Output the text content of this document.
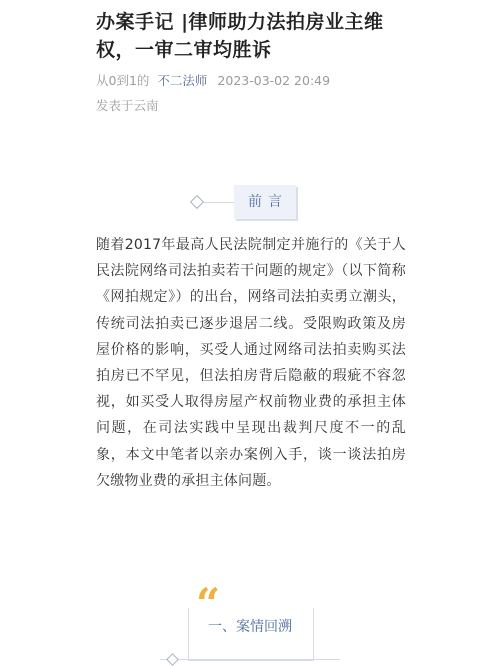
办案手记 |律师助力法拍房业主维权，一审二审均胜诉
从0到1的 不二法师 2023-03-02 20:49
发表于云南
前言
随着2017年最高人民法院制定并施行的《关于人民法院网络司法拍卖若干问题的规定》（以下简称《网拍规定》）的出台，网络司法拍卖勇立潮头，传统司法拍卖已逐步退居二线。受限购政策及房屋价格的影响，买受人通过网络司法拍卖购买法拍房已不罕见，但法拍房背后隐蔽的瑕疵不容忽视，如买受人取得房屋产权前物业费的承担主体问题，在司法实践中呈现出裁判尺度不一的乱象，本文中笔者以亲办案例入手，谈一谈法拍房欠缴物业费的承担主体问题。
“
一、案情回溯
